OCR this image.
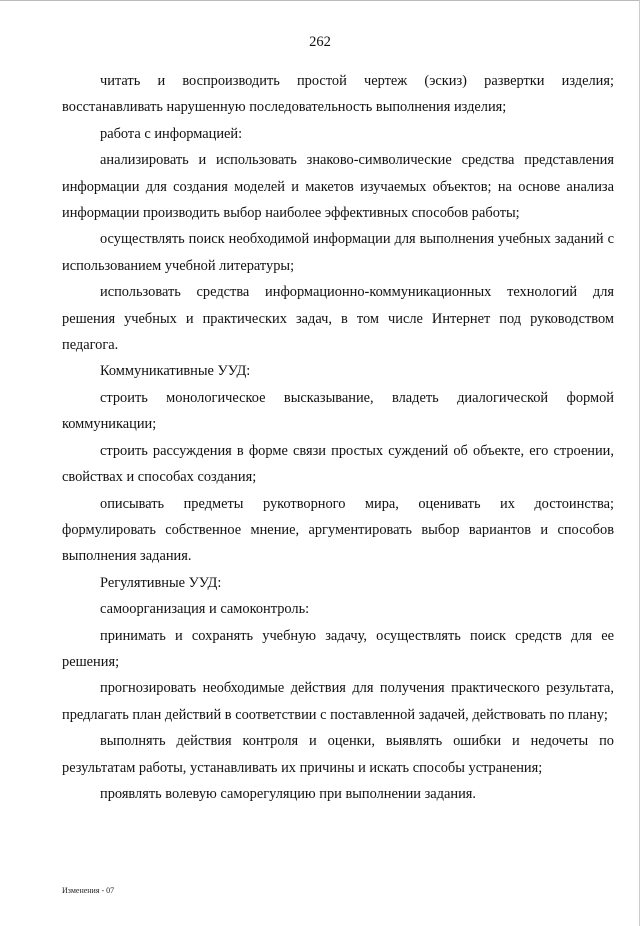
262

читать и воспроизводить простой чертеж (эскиз) развертки изделия; восстанавливать нарушенную последовательность выполнения изделия;

работа с информацией:

анализировать и использовать знаково-символические средства представления информации для создания моделей и макетов изучаемых объектов; на основе анализа информации производить выбор наиболее эффективных способов работы;

осуществлять поиск необходимой информации для выполнения учебных заданий с использованием учебной литературы;

использовать средства информационно-коммуникационных технологий для решения учебных и практических задач, в том числе Интернет под руководством педагога.

Коммуникативные УУД:

строить монологическое высказывание, владеть диалогической формой коммуникации;

строить рассуждения в форме связи простых суждений об объекте, его строении, свойствах и способах создания;

описывать предметы рукотворного мира, оценивать их достоинства; формулировать собственное мнение, аргументировать выбор вариантов и способов выполнения задания.

Регулятивные УУД:

самоорганизация и самоконтроль:

принимать и сохранять учебную задачу, осуществлять поиск средств для ее решения;

прогнозировать необходимые действия для получения практического результата, предлагать план действий в соответствии с поставленной задачей, действовать по плану;

выполнять действия контроля и оценки, выявлять ошибки и недочеты по результатам работы, устанавливать их причины и искать способы устранения;

проявлять волевую саморегуляцию при выполнении задания.

Изменения - 07
